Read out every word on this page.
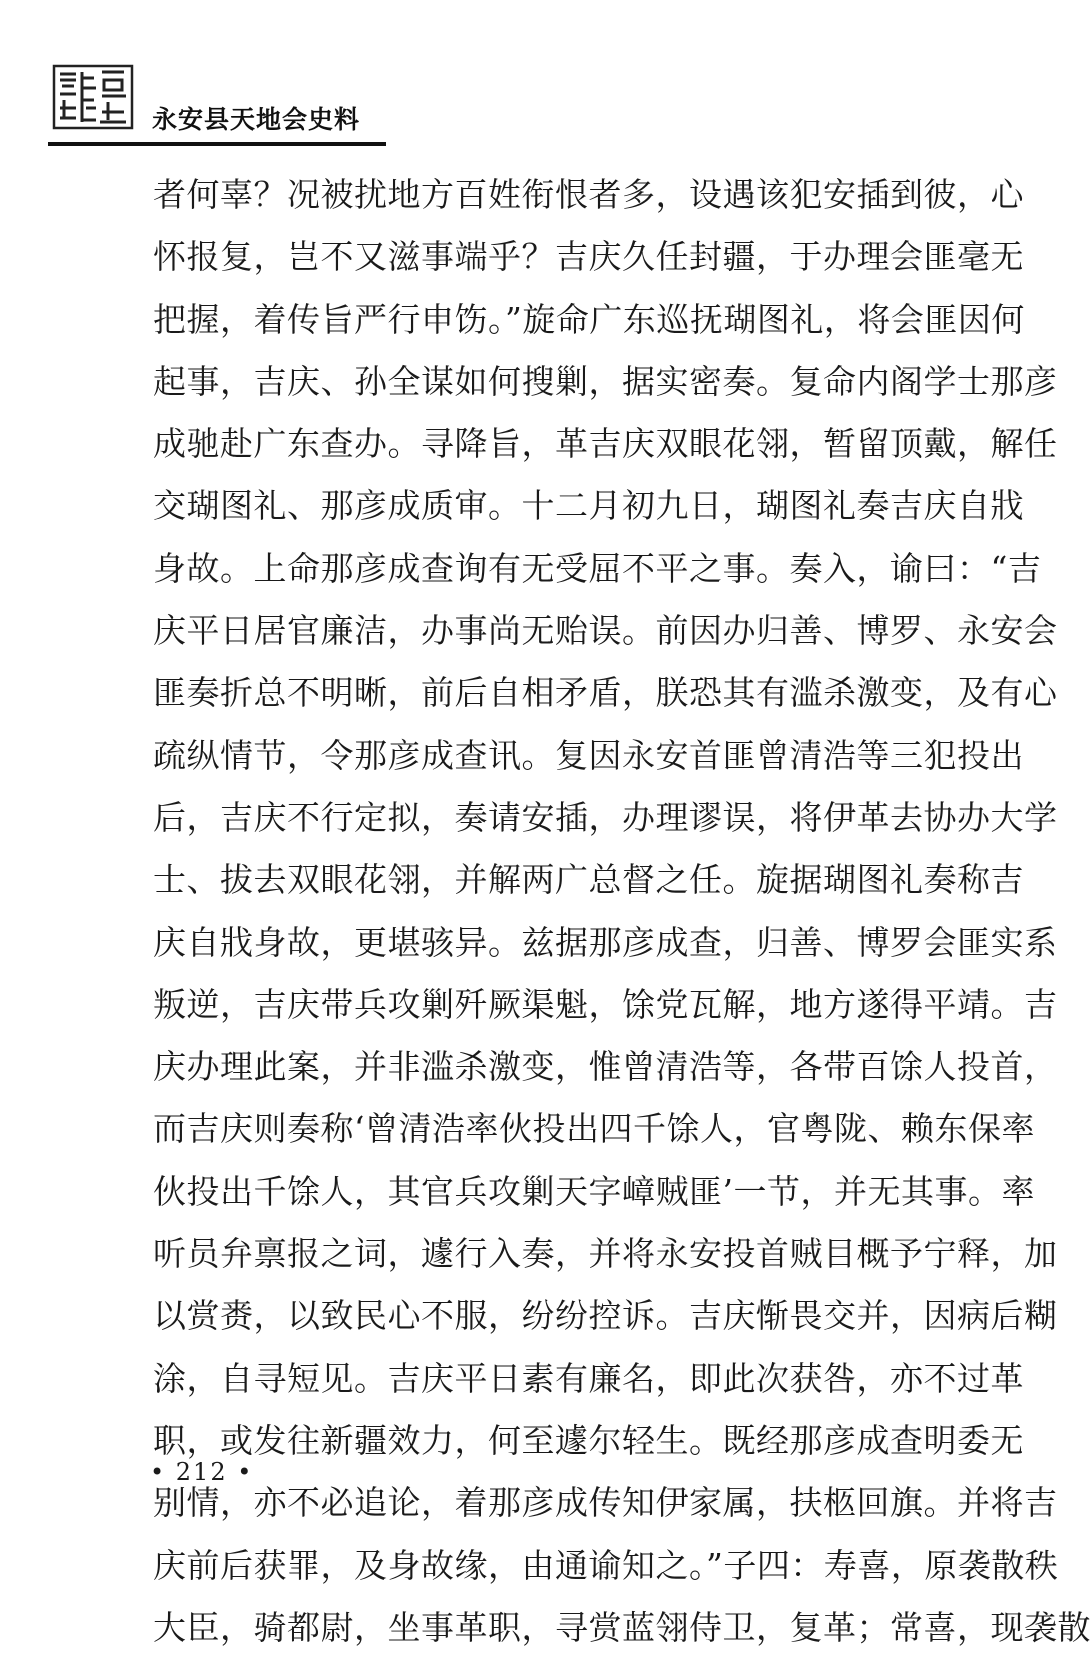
永安县天地会史料
者何辜？况被扰地方百姓衔恨者多，设遇该犯安插到彼，心
怀报复，岂不又滋事端乎？吉庆久任封疆，于办理会匪毫无
把握，着传旨严行申饬。”旋命广东巡抚瑚图礼，将会匪因何
起事，吉庆、孙全谋如何搜剿，据实密奏。复命内阁学士那彦
成驰赴广东查办。寻降旨，革吉庆双眼花翎，暂留顶戴，解任
交瑚图礼、那彦成质审。十二月初九日，瑚图礼奏吉庆自戕
身故。上命那彦成查询有无受屈不平之事。奏入，谕曰：“吉
庆平日居官廉洁，办事尚无贻误。前因办归善、博罗、永安会
匪奏折总不明晰，前后自相矛盾，朕恐其有滥杀激变，及有心
疏纵情节，令那彦成查讯。复因永安首匪曾清浩等三犯投出
后，吉庆不行定拟，奏请安插，办理谬误，将伊革去协办大学
士、拔去双眼花翎，并解两广总督之任。旋据瑚图礼奏称吉
庆自戕身故，更堪骇异。兹据那彦成查，归善、博罗会匪实系
叛逆，吉庆带兵攻剿歼厥渠魁，馀党瓦解，地方遂得平靖。吉
庆办理此案，并非滥杀激变，惟曾清浩等，各带百馀人投首，
而吉庆则奏称‘曾清浩率伙投出四千馀人，官粤陇、赖东保率
伙投出千馀人，其官兵攻剿天字嶂贼匪’一节，并无其事。率
听员弁禀报之词，遽行入奏，并将永安投首贼目概予宁释，加
以赏赉，以致民心不服，纷纷控诉。吉庆惭畏交并，因病后糊
涂，自寻短见。吉庆平日素有廉名，即此次获咎，亦不过革
职，或发往新疆效力，何至遽尔轻生。既经那彦成查明委无
别情，亦不必追论，着那彦成传知伊家属，扶柩回旗。并将吉
庆前后获罪，及身故缘，由通谕知之。”子四：寿喜，原袭散秩
大臣，骑都尉，坐事革职，寻赏蓝翎侍卫，复革；常喜，现袭散
• 212 •
